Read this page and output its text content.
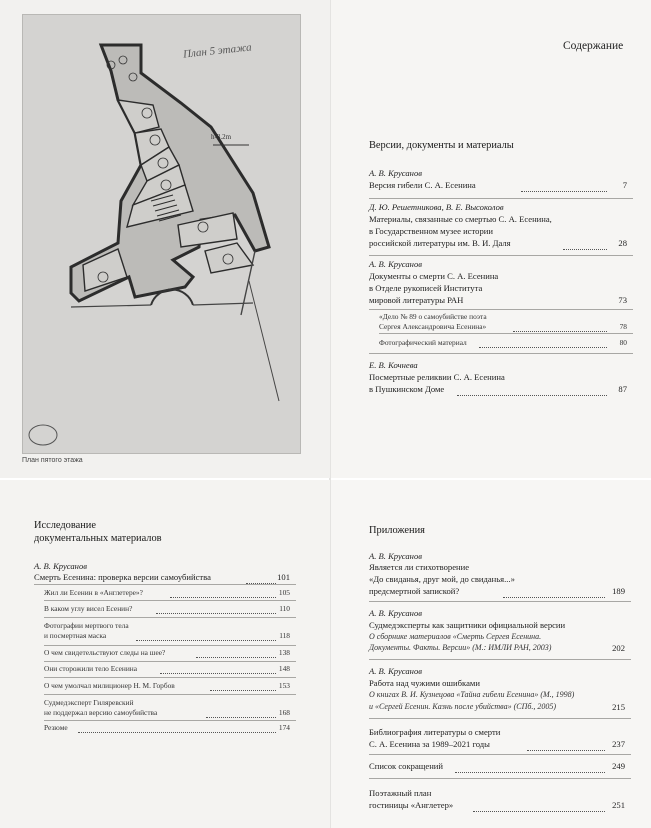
План 5 этажа
h-3.2m
План пятого этажа
Содержание
Версии, документы и материалы
А. В. Крусанов
Версия гибели С. А. Есенина	7
Д. Ю. Решетникова, В. Е. Высоколов
Материалы, связанные со смертью С. А. Есенина,
в Государственном музее истории
российской литературы им. В. И. Даля	28
А. В. Крусанов
Документы о смерти С. А. Есенина
в Отделе рукописей Института
мировой литературы РАН	73
«Дело № 89 о самоубийстве поэта
Сергея Александровича Есенина»	78
Фотографический материал	80
Е. В. Кочнева
Посмертные реликвии С. А. Есенина
в Пушкинском Доме	87
Исследование
документальных материалов
А. В. Крусанов
Смерть Есенина: проверка версии самоубийства	101
Жил ли Есенин в «Англетере»?	105
В каком углу висел Есенин?	110
Фотографии мертвого тела
и посмертная маска	118
О чем свидетельствуют следы на шее?	138
Они сторожили тело Есенина	148
О чем умолчал милиционер Н. М. Горбов	153
Судмедэксперт Гиляревский
не поддержал версию самоубийства	168
Резюме	174
Приложения
А. В. Крусанов
Является ли стихотворение
«До свиданья, друг мой, до свиданья...»
предсмертной запиской?	189
А. В. Крусанов
Судмедэксперты как защитники официальной версии
О сборнике материалов «Смерть Сергея Есенина.
Документы. Факты. Версии» (М.: ИМЛИ РАН, 2003)	202
А. В. Крусанов
Работа над чужими ошибками
О книгах В. И. Кузнецова «Тайна гибели Есенина» (М., 1998)
и «Сергей Есенин. Казнь после убийства» (СПб., 2005)	215
Библиография литературы о смерти
С. А. Есенина за 1989–2021 годы	237
Список сокращений	249
Поэтажный план
гостиницы «Англетер»	251
